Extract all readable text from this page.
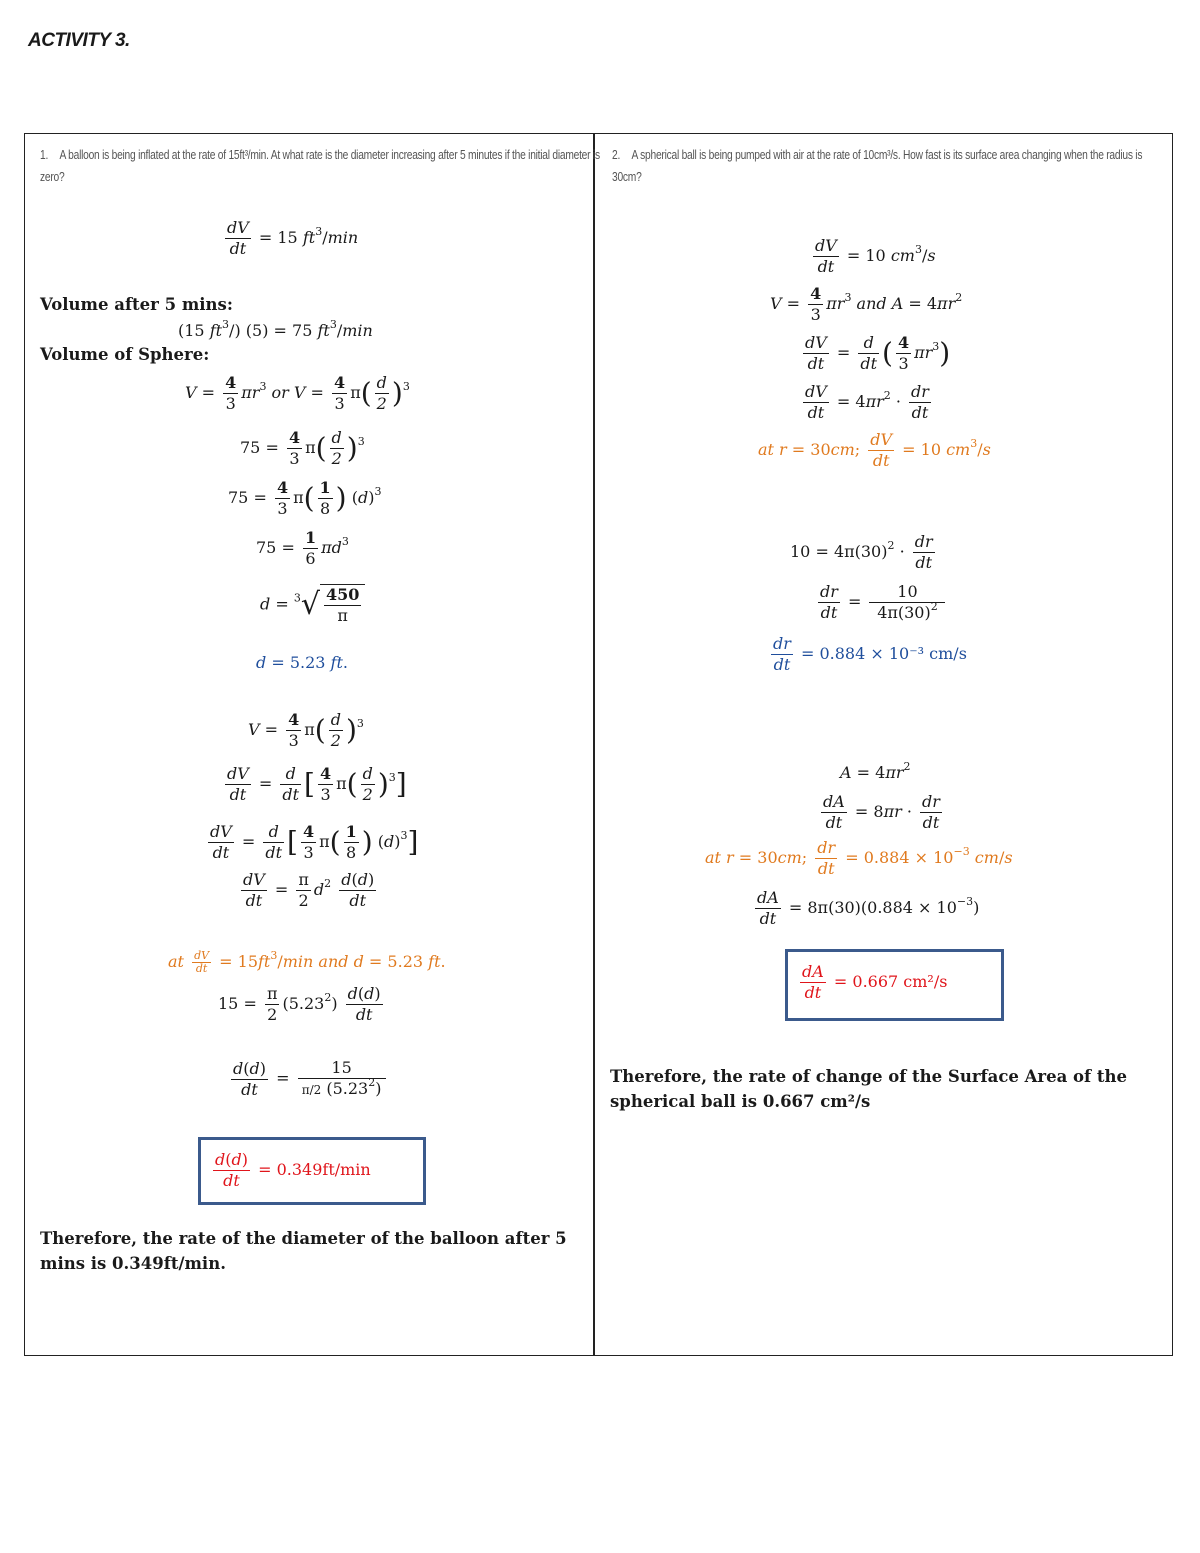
ACTIVITY 3.
1. A balloon is being inflated at the rate of 15ft³/min. At what rate is the diameter increasing after 5 minutes if the initial diameter is zero?
$\frac{dV}{dt} = 15$ $ft^3/\min$
Volume after 5 mins:
(15 $ft^3/$) (5) = 75 $ft^3/\min$
Volume of Sphere:
$V = \frac{4}{3} \pi r^3$ or $V = \frac{4}{3} \pi( \frac{d}{2} )^3$
$75 = \frac{4}{3} \pi( \frac{d}{2} )^3$
$75 = \frac{4}{3} \pi( \frac{1}{8}$ ) $(d)^3$
$75 = \frac{1}{6} \pi d^3$
$d = ^3√ \frac{450}{\pi}$
d = 5.23 ft.
$V = \frac{4}{3} \pi( \frac{d}{2} )^3$
$\frac{dV}{dt} = \frac{d}{dt}$ [ $\frac{4}{3} \pi( \frac{d}{2} )^3$]
$\frac{dV}{dt} = \frac{d}{dt}$ [ $\frac{4}{3} \pi( \frac{1}{8}$ ) $(d)^3$]
$\frac{dV}{dt} = \frac{\pi}{2} d^2 \frac{d(d)}{dt}$
at $\frac{dV}{dt} = 15ft^3/\min$ and d = 5.23 ft.
$15 = \frac{\pi}{2} (5.23^2) \frac{d(d)}{dt}$
$\frac{d(d)}{dt} = \frac{15}{\pi/2 (5.23^2)}$
$\frac{d(d)}{dt} = 0.349ft/\min$
Therefore, the rate of the diameter of the balloon after 5 mins is 0.349ft/min.
2. A spherical ball is being pumped with air at the rate of 10cm³/s. How fast is its surface area changing when the radius is 30cm?
$\frac{dV}{dt} = 10$ $cm^3/s$
$V = \frac{4}{3} \pi r^3$ and $A = 4\pi r^2$
$\frac{dV}{dt} = \frac{d}{dt}$ ( $\frac{4}{3} \pi r^3$)
$\frac{dV}{dt} = 4\pi r^2 \cdot \frac{dr}{dt}$
at r = 30cm; $\frac{dV}{dt} = 10$ $cm^3/s$
$10 = 4\pi(30)^2 \cdot \frac{dr}{dt}$
$\frac{dr}{dt} = \frac{10}{4\pi(30)^2}$
$\frac{dr}{dt} = 0.884 \times 10^{-3}$ cm/s
$A = 4\pi r^2$
$\frac{dA}{dt} = 8\pi r \cdot \frac{dr}{dt}$
at r = 30cm; $\frac{dr}{dt} = 0.884 \times 10^{-3}$ cm/s
$\frac{dA}{dt} = 8\pi(30)(0.884 \times 10^{-3})$
$\frac{dA}{dt} = 0.667$ cm²/s
Therefore, the rate of change of the Surface Area of the spherical ball is 0.667 cm²/s
